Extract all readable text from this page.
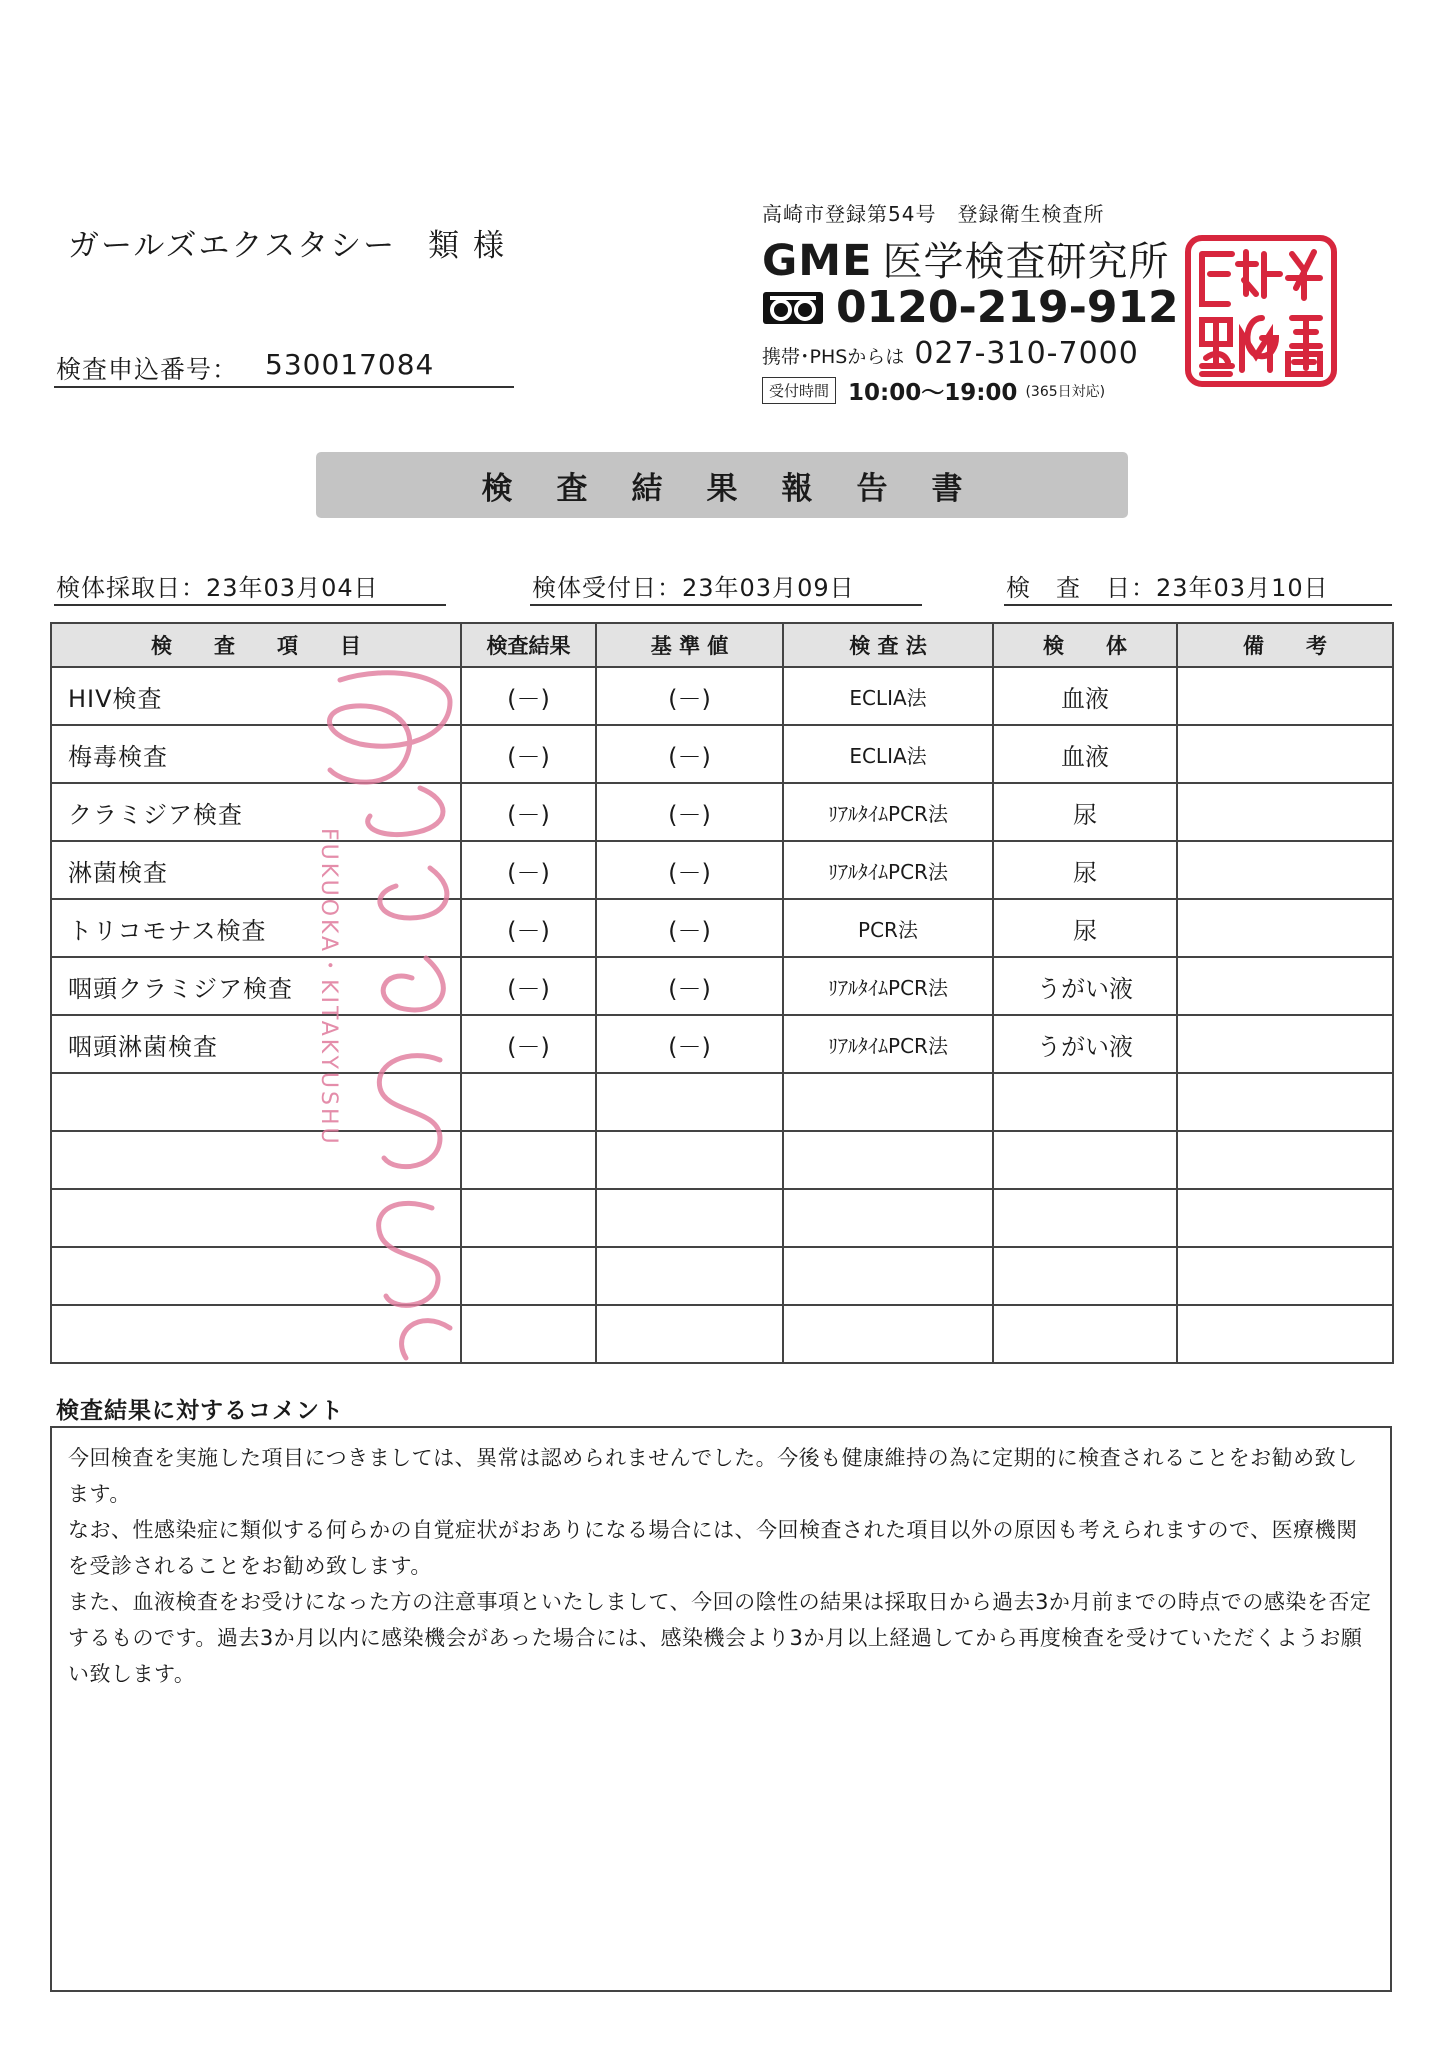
ガールズエクスタシー 類 様
検査申込番号： 530017084
高崎市登録第54号　登録衛生検査所
GME 医学検査研究所
0120-219-912
携帯･PHSからは 027-310-7000
受付時間 10:00〜19:00 (365日対応)
検査結果報告書
検体採取日：23年03月04日	検体受付日：23年03月09日	検　査　日：23年03月10日
検　　査　　項　　目	検査結果	基 準 値	検 査 法	検　　体	備　　考
HIV検査	(－)	(－)	ECLIA法	血液	
梅毒検査	(－)	(－)	ECLIA法	血液	
クラミジア検査	(－)	(－)	ﾘｱﾙﾀｲﾑPCR法	尿	
淋菌検査	(－)	(－)	ﾘｱﾙﾀｲﾑPCR法	尿	
トリコモナス検査	(－)	(－)	PCR法	尿	
咽頭クラミジア検査	(－)	(－)	ﾘｱﾙﾀｲﾑPCR法	うがい液	
咽頭淋菌検査	(－)	(－)	ﾘｱﾙﾀｲﾑPCR法	うがい液	

FUKUOKA・KITAKYUSHU
検査結果に対するコメント

今回検査を実施した項目につきましては、異常は認められませんでした。今後も健康維持の為に定期的に検査されることをお勧め致します。

なお、性感染症に類似する何らかの自覚症状がおありになる場合には、今回検査された項目以外の原因も考えられますので、医療機関を受診されることをお勧め致します。

また、血液検査をお受けになった方の注意事項といたしまして、今回の陰性の結果は採取日から過去3か月前までの時点での感染を否定するものです。過去3か月以内に感染機会があった場合には、感染機会より3か月以上経過してから再度検査を受けていただくようお願い致します。
